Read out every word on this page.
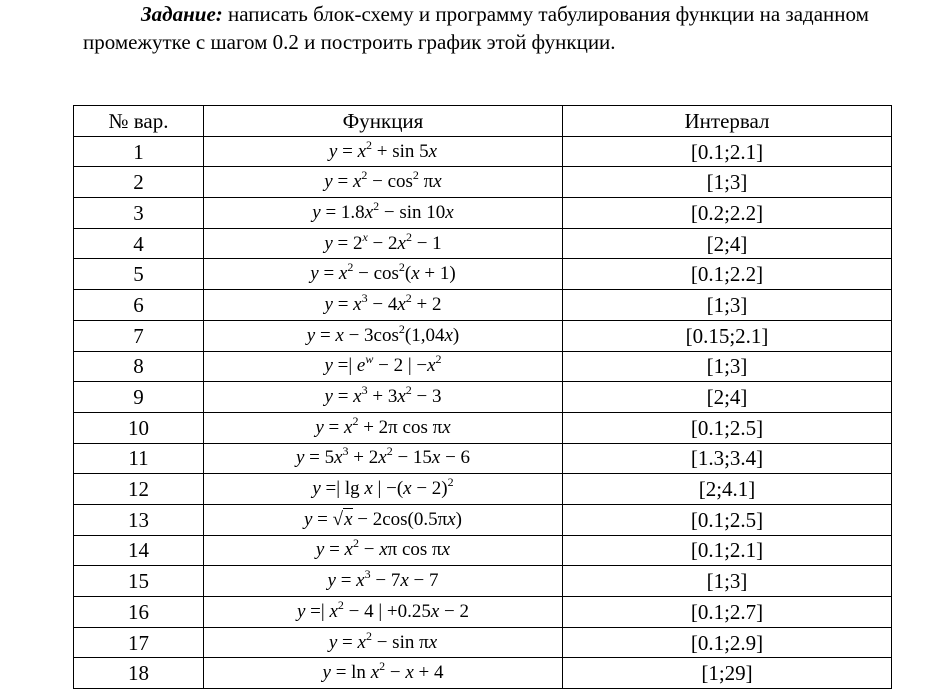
Задание: написать блок-схему и программу табулирования функции на заданном промежутке с шагом 0.2 и построить график этой функции.

№ вар.	Функция	Интервал
1	$y = x^2 + \sin 5x$	[0.1;2.1]
2	$y = x^2 - \cos^2 \pi x$	[1;3]
3	$y = 1.8x^2 - \sin 10x$	[0.2;2.2]
4	$y = 2^x - 2x^2 - 1$	[2;4]
5	$y = x^2 - \cos^2(x + 1)$	[0.1;2.2]
6	$y = x^3 - 4x^2 + 2$	[1;3]
7	$y = x - 3\cos^2(1,04x)$	[0.15;2.1]
8	y =| $e^w - 2$ | $-x^2$	[1;3]
9	$y = x^3 + 3x^2 - 3$	[2;4]
10	$y = x^2 + 2\pi$ cos πx	[0.1;2.5]
11	$y = 5x^3 + 2x^2 - 15x - 6$	[1.3;3.4]
12	y =| lg x | $-(x - 2)^2$	[2;4.1]
13	y = √x − 2cos(0.5πx)	[0.1;2.5]
14	$y = x^2 - x\pi$ cos πx	[0.1;2.1]
15	$y = x^3 - 7x - 7$	[1;3]
16	y =| $x^2 - 4$ | +0.25x − 2	[0.1;2.7]
17	$y = x^2 - \sin \pi x$	[0.1;2.9]
18	$y = \ln x^2 - x + 4$	[1;29]
